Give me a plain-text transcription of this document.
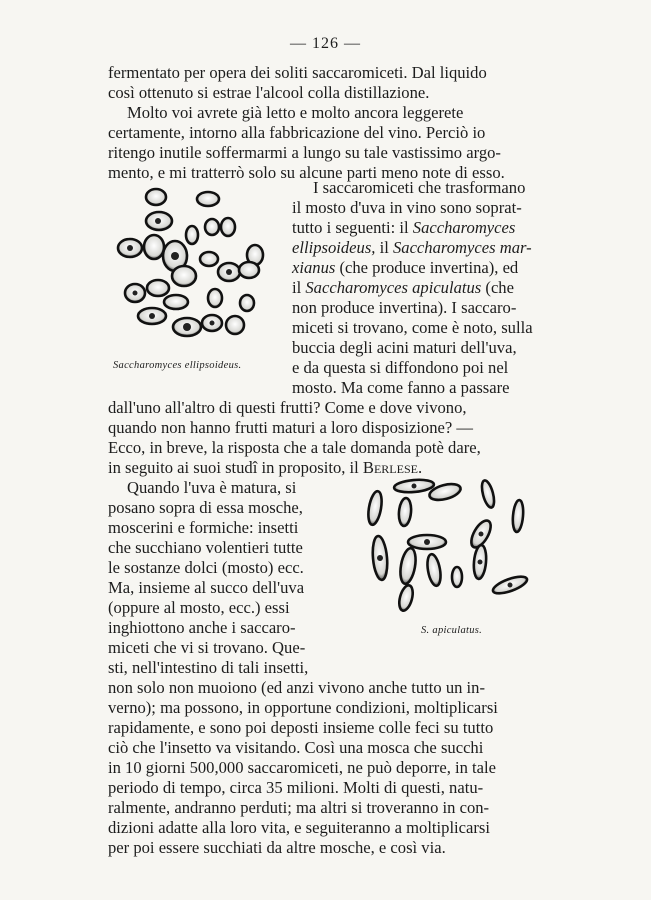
— 126 —
Saccharomyces ellipsoideus.
S. apiculatus.
fermentato per opera dei soliti saccaromiceti. Dal liquido
così ottenuto si estrae l'alcool colla distillazione.
Molto voi avrete già letto e molto ancora leggerete
certamente, intorno alla fabbricazione del vino. Perciò io
ritengo inutile soffermarmi a lungo su tale vastissimo argo-
mento, e mi tratterrò solo su alcune parti meno note di esso.
I saccaromiceti che trasformano
il mosto d'uva in vino sono soprat-
tutto i seguenti: il Saccharomyces
ellipsoideus, il Saccharomyces mar-
xianus (che produce invertina), ed
il Saccharomyces apiculatus (che
non produce invertina). I saccaro-
miceti si trovano, come è noto, sulla
buccia degli acini maturi dell'uva,
e da questa si diffondono poi nel
mosto. Ma come fanno a passare
dall'uno all'altro di questi frutti? Come e dove vivono,
quando non hanno frutti maturi a loro disposizione? —
Ecco, in breve, la risposta che a tale domanda potè dare,
in seguito ai suoi studî in proposito, il Berlese.
Quando l'uva è matura, si
posano sopra di essa mosche,
moscerini e formiche: insetti
che succhiano volentieri tutte
le sostanze dolci (mosto) ecc.
Ma, insieme al succo dell'uva
(oppure al mosto, ecc.) essi
inghiottono anche i saccaro-
miceti che vi si trovano. Que-
sti, nell'intestino di tali insetti,
non solo non muoiono (ed anzi vivono anche tutto un in-
verno); ma possono, in opportune condizioni, moltiplicarsi
rapidamente, e sono poi deposti insieme colle feci su tutto
ciò che l'insetto va visitando. Così una mosca che succhi
in 10 giorni 500,000 saccaromiceti, ne può deporre, in tale
periodo di tempo, circa 35 milioni. Molti di questi, natu-
ralmente, andranno perduti; ma altri si troveranno in con-
dizioni adatte alla loro vita, e seguiteranno a moltiplicarsi
per poi essere succhiati da altre mosche, e così via.
